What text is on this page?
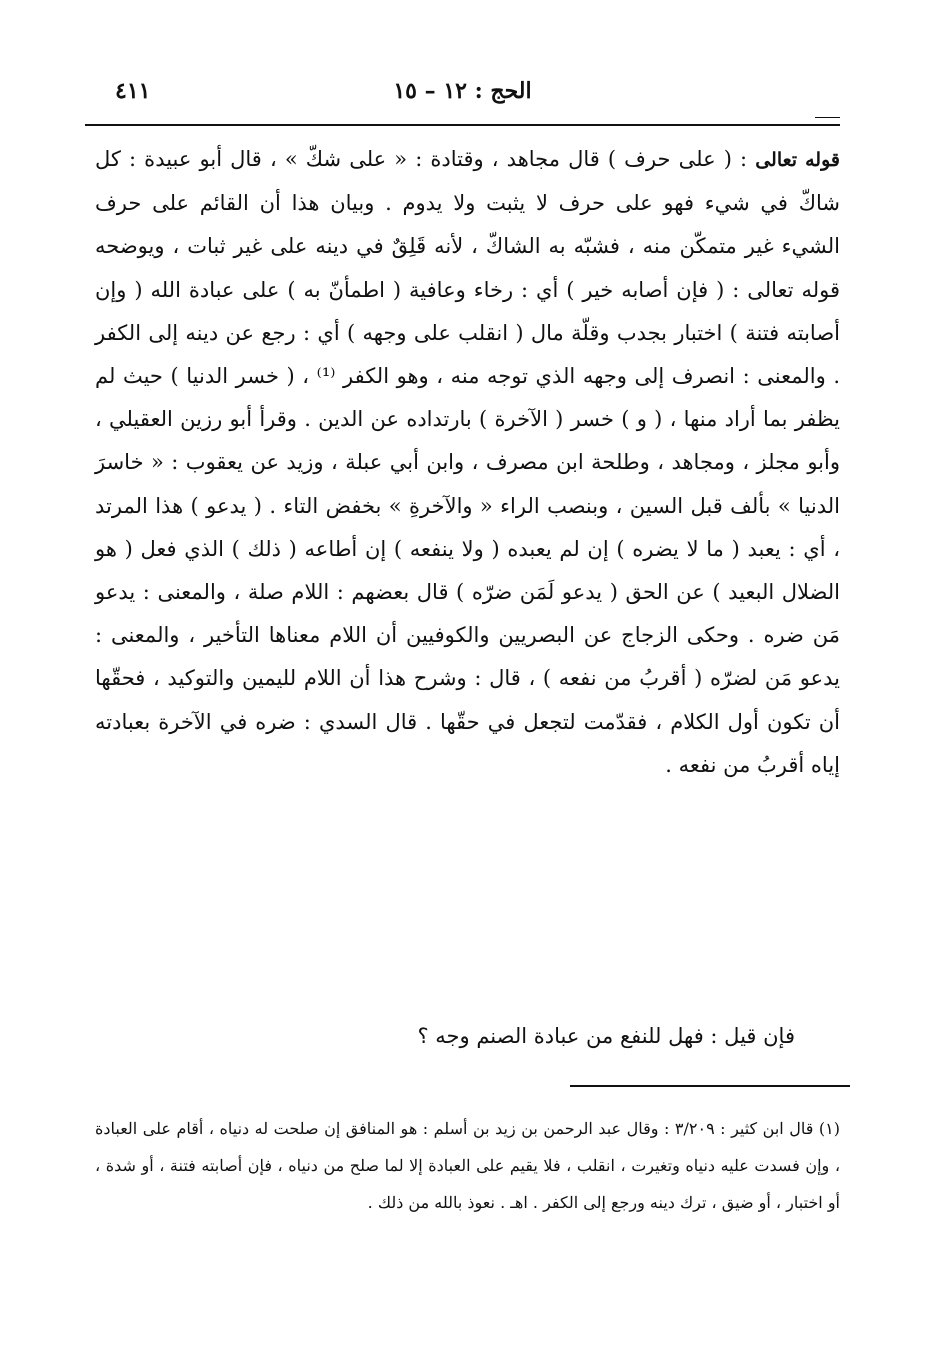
الحج : ١٢ – ١٥
٤١١

قوله تعالى : ( على حرف ) قال مجاهد ، وقتادة : « على شكّ » ، قال أبو عبيدة : كل شاكّ في شيء فهو على حرف لا يثبت ولا يدوم . وبيان هذا أن القائم على حرف الشيء غير متمكّن منه ، فشبّه به الشاكّ ، لأنه قَلِقٌ في دينه على غير ثبات ، ويوضحه قوله تعالى : ( فإن أصابه خير ) أي : رخاء وعافية ( اطمأنّ به ) على عبادة الله ( وإن أصابته فتنة ) اختبار بجدب وقلّة مال ( انقلب على وجهه ) أي : رجع عن دينه إلى الكفر . والمعنى : انصرف إلى وجهه الذي توجه منه ، وهو الكفر ⁽¹⁾ ، ( خسر الدنيا ) حيث لم يظفر بما أراد منها ، ( و ) خسر ( الآخرة ) بارتداده عن الدين . وقرأ أبو رزين العقيلي ، وأبو مجلز ، ومجاهد ، وطلحة ابن مصرف ، وابن أبي عبلة ، وزيد عن يعقوب : « خاسرَ الدنيا » بألف قبل السين ، وبنصب الراء « والآخرةِ » بخفض التاء . ( يدعو ) هذا المرتد ، أي : يعبد ( ما لا يضره ) إن لم يعبده ( ولا ينفعه ) إن أطاعه ( ذلك ) الذي فعل ( هو الضلال البعيد ) عن الحق ( يدعو لَمَن ضرّه ) قال بعضهم : اللام صلة ، والمعنى : يدعو مَن ضره . وحكى الزجاج عن البصريين والكوفيين أن اللام معناها التأخير ، والمعنى : يدعو مَن لضرّه ( أقربُ من نفعه ) ، قال : وشرح هذا أن اللام لليمين والتوكيد ، فحقّها أن تكون أول الكلام ، فقدّمت لتجعل في حقّها . قال السدي : ضره في الآخرة بعبادته إياه أقربُ من نفعه .

فإن قيل : فهل للنفع من عبادة الصنم وجه ؟

(١) قال ابن كثير : ٣/٢٠٩ : وقال عبد الرحمن بن زيد بن أسلم : هو المنافق إن صلحت له دنياه ، أقام على العبادة ، وإن فسدت عليه دنياه وتغيرت ، انقلب ، فلا يقيم على العبادة إلا لما صلح من دنياه ، فإن أصابته فتنة ، أو شدة ، أو اختبار ، أو ضيق ، ترك دينه ورجع إلى الكفر . اهـ . نعوذ بالله من ذلك .
